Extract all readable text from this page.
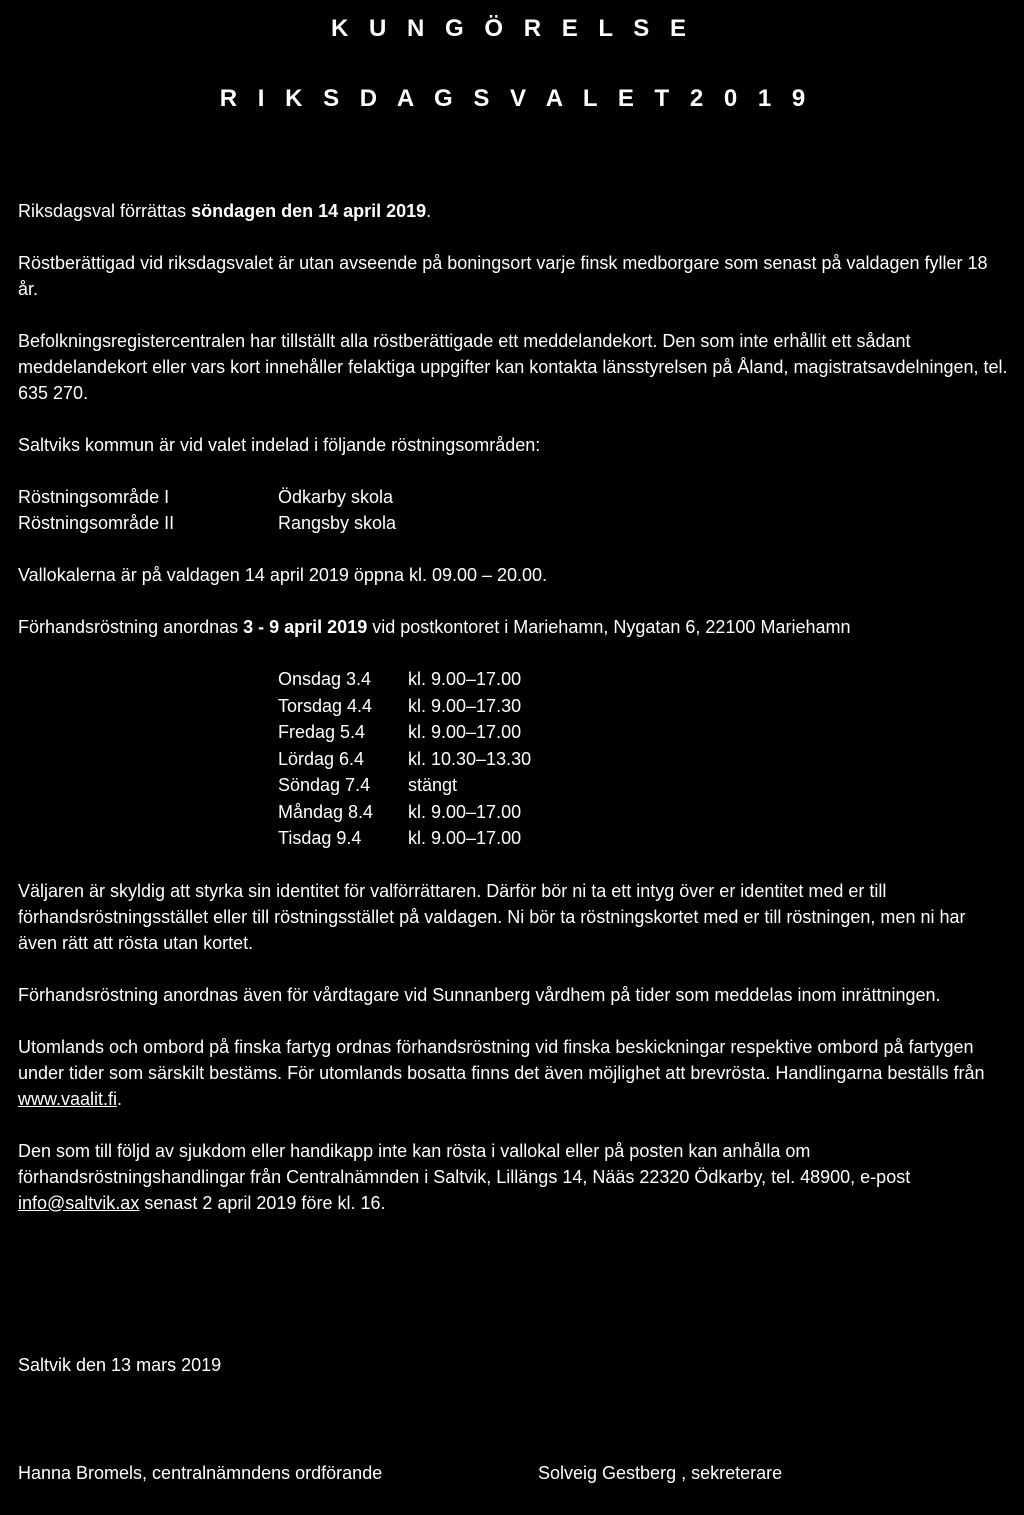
K U N G Ö R E L S E
R I K S D A G S V A L E T 2 0 1 9

Riksdagsval förrättas söndagen den 14 april 2019.

Röstberättigad vid riksdagsvalet är utan avseende på boningsort varje finsk medborgare som senast på valdagen fyller 18 år.

Befolkningsregistercentralen har tillställt alla röstberättigade ett meddelandekort. Den som inte erhållit ett sådant meddelandekort eller vars kort innehåller felaktiga uppgifter kan kontakta länsstyrelsen på Åland, magistratsavdelningen, tel. 635 270.

Saltviks kommun är vid valet indelad i följande röstningsområden:

Röstningsområde I	Ödkarby skola
Röstningsområde II	Rangsby skola

Vallokalerna är på valdagen 14 april 2019 öppna kl. 09.00 – 20.00.

Förhandsröstning anordnas 3 - 9 april 2019 vid postkontoret i Mariehamn, Nygatan 6, 22100 Mariehamn

Onsdag 3.4	kl. 9.00–17.00
Torsdag 4.4	kl. 9.00–17.30
Fredag 5.4	kl. 9.00–17.00
Lördag 6.4	kl. 10.30–13.30
Söndag 7.4	stängt
Måndag 8.4	kl. 9.00–17.00
Tisdag 9.4	kl. 9.00–17.00

Väljaren är skyldig att styrka sin identitet för valförrättaren. Därför bör ni ta ett intyg över er identitet med er till förhandsröstningsstället eller till röstningsstället på valdagen. Ni bör ta röstningskortet med er till röstningen, men ni har även rätt att rösta utan kortet.

Förhandsröstning anordnas även för vårdtagare vid Sunnanberg vårdhem på tider som meddelas inom inrättningen.

Utomlands och ombord på finska fartyg ordnas förhandsröstning vid finska beskickningar respektive ombord på fartygen under tider som särskilt bestäms. För utomlands bosatta finns det även möjlighet att brevrösta. Handlingarna beställs från www.vaalit.fi.

Den som till följd av sjukdom eller handikapp inte kan rösta i vallokal eller på posten kan anhålla om förhandsröstningshandlingar från Centralnämnden i Saltvik, Lillängs 14, Nääs 22320 Ödkarby, tel. 48900, e-post info@saltvik.ax senast 2 april 2019 före kl. 16.

Saltvik den 13 mars 2019
Hanna Bromels, centralnämndens ordförande	Solveig Gestberg , sekreterare
